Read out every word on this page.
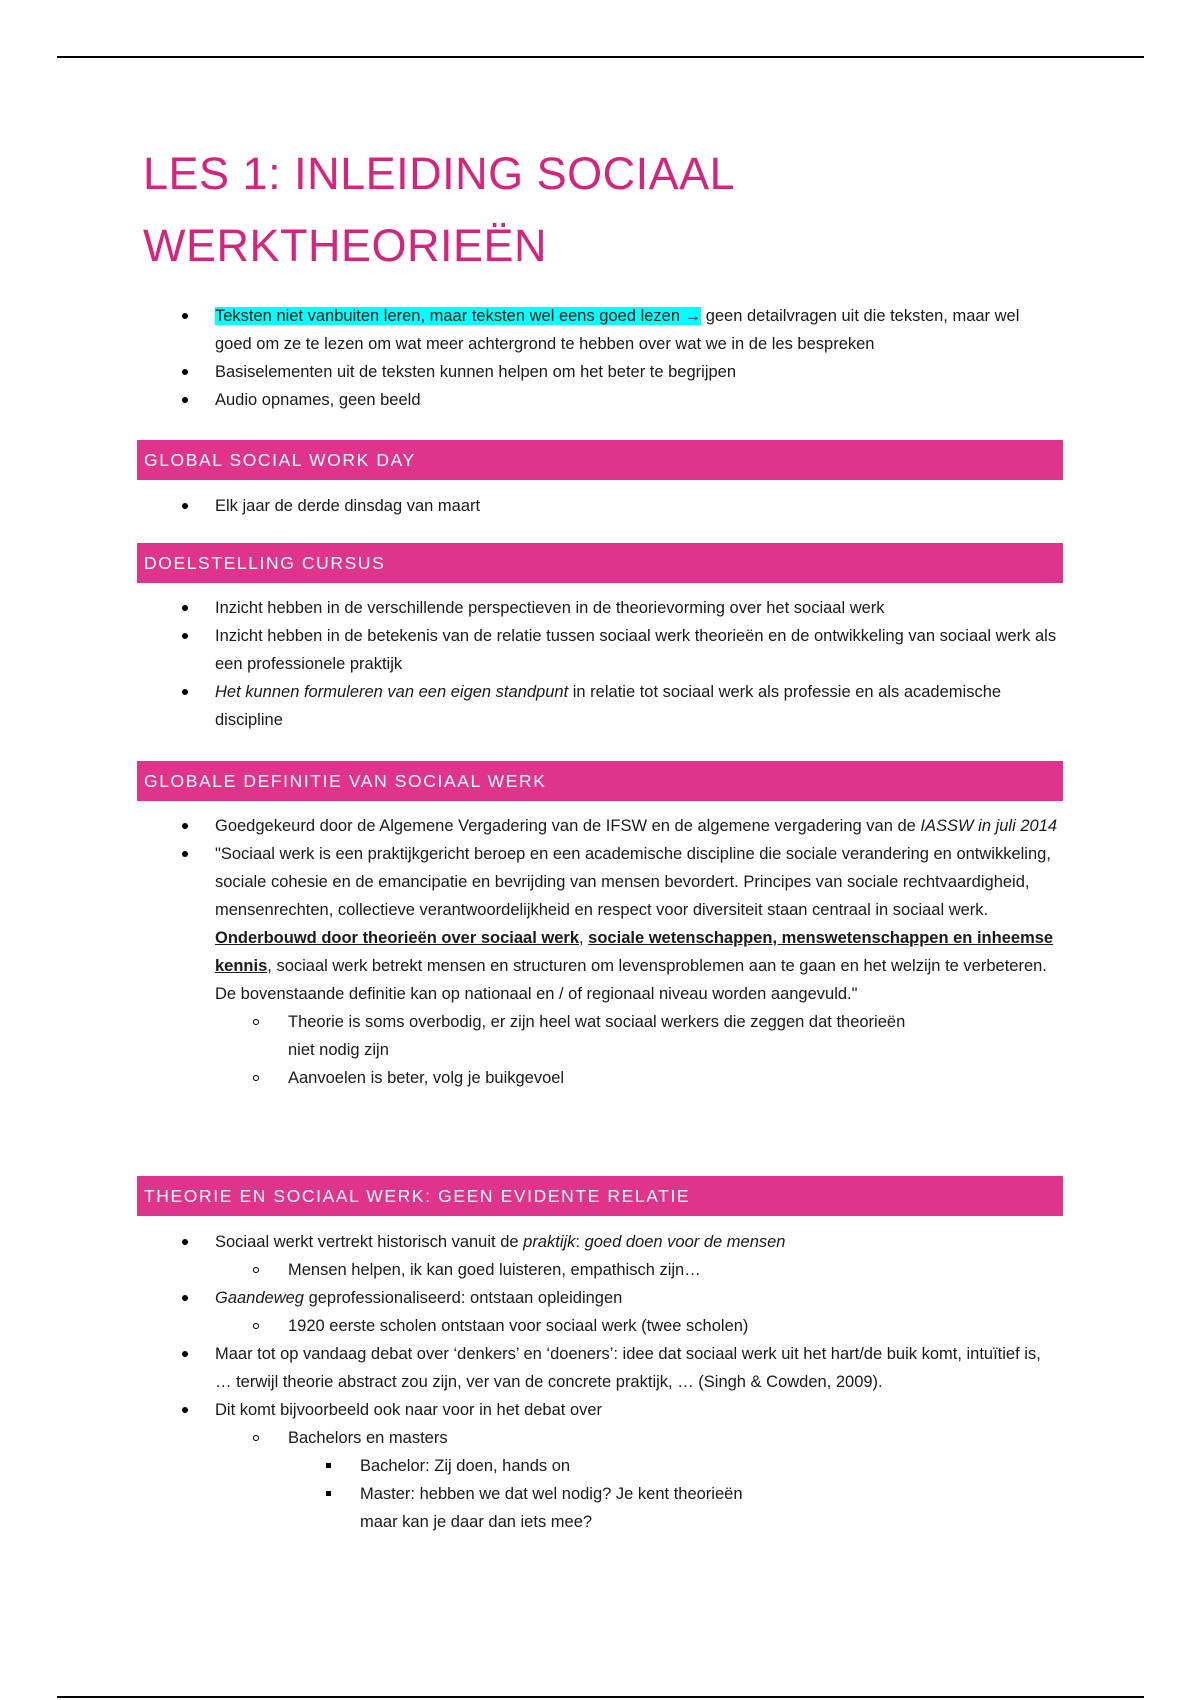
LES 1: INLEIDING SOCIAAL
WERKTHEORIEËN
Teksten niet vanbuiten leren, maar teksten wel eens goed lezen → geen detailvragen uit die teksten, maar wel goed om ze te lezen om wat meer achtergrond te hebben over wat we in de les bespreken
Basiselementen uit de teksten kunnen helpen om het beter te begrijpen
Audio opnames, geen beeld
GLOBAL SOCIAL WORK DAY
Elk jaar de derde dinsdag van maart
DOELSTELLING CURSUS
Inzicht hebben in de verschillende perspectieven in de theorievorming over het sociaal werk
Inzicht hebben in de betekenis van de relatie tussen sociaal werk theorieën en de ontwikkeling van sociaal werk als een professionele praktijk
Het kunnen formuleren van een eigen standpunt in relatie tot sociaal werk als professie en als academische discipline
GLOBALE DEFINITIE VAN SOCIAAL WERK
Goedgekeurd door de Algemene Vergadering van de IFSW en de algemene vergadering van de IASSW in juli 2014
"Sociaal werk is een praktijkgericht beroep en een academische discipline die sociale verandering en ontwikkeling, sociale cohesie en de emancipatie en bevrijding van mensen bevordert. Principes van sociale rechtvaardigheid, mensenrechten, collectieve verantwoordelijkheid en respect voor diversiteit staan centraal in sociaal werk. Onderbouwd door theorieën over sociaal werk, sociale wetenschappen, menswetenschappen en inheemse kennis, sociaal werk betrekt mensen en structuren om levensproblemen aan te gaan en het welzijn te verbeteren. De bovenstaande definitie kan op nationaal en / of regionaal niveau worden aangevuld."
Theorie is soms overbodig, er zijn heel wat sociaal werkers die zeggen dat theorieën niet nodig zijn
Aanvoelen is beter, volg je buikgevoel
THEORIE EN SOCIAAL WERK: GEEN EVIDENTE RELATIE
Sociaal werkt vertrekt historisch vanuit de praktijk: goed doen voor de mensen
Mensen helpen, ik kan goed luisteren, empathisch zijn…
Gaandeweg geprofessionaliseerd: ontstaan opleidingen
1920 eerste scholen ontstaan voor sociaal werk (twee scholen)
Maar tot op vandaag debat over ‘denkers’ en ‘doeners’: idee dat sociaal werk uit het hart/de buik komt, intuïtief is, … terwijl theorie abstract zou zijn, ver van de concrete praktijk, … (Singh & Cowden, 2009).
Dit komt bijvoorbeeld ook naar voor in het debat over
Bachelors en masters
Bachelor: Zij doen, hands on
Master: hebben we dat wel nodig? Je kent theorieën maar kan je daar dan iets mee?
